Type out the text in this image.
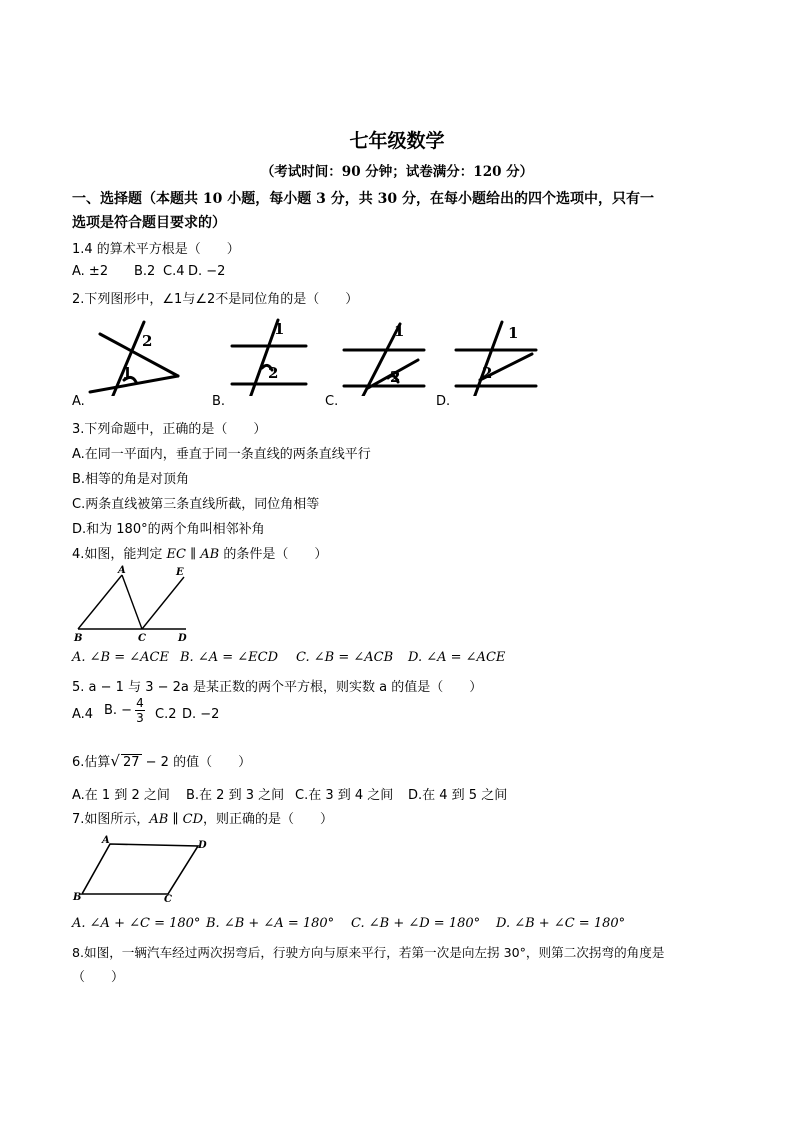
七年级数学
（考试时间：90 分钟；试卷满分：120 分）
一、选择题（本题共 10 小题，每小题 3 分，共 30 分，在每小题给出的四个选项中，只有一
选项是符合题目要求的）
1.4 的算术平方根是（　　）
A. ±2 B.2 C.4 D. −2
2.下列图形中，∠1与∠2不是同位角的是（　　）
2
1
1
2
1
2
1
2
A.	B.	C.	D.
3.下列命题中，正确的是（　　）
A.在同一平面内，垂直于同一条直线的两条直线平行
B.相等的角是对顶角
C.两条直线被第三条直线所截，同位角相等
D.和为 180°的两个角叫相邻补角
4.如图，能判定 EC ∥ AB 的条件是（　　）
A	E
B	C	D
A. ∠B = ∠ACE B. ∠A = ∠ECD C. ∠B = ∠ACB D. ∠A = ∠ACE
5. a − 1 与 3 − 2a 是某正数的两个平方根，则实数 a 的值是（　　）
A.4 B. − $\frac{4}{3} C.2$ D. −2
6.估算√ 27 − 2 的值（　　）
A.在 1 到 2 之间 B.在 2 到 3 之间 C.在 3 到 4 之间 D.在 4 到 5 之间
7.如图所示，AB ∥ CD，则正确的是（　　）
A	D
B	C
A. ∠A + ∠C = 180° B. ∠B + ∠A = 180° C. ∠B + ∠D = 180° D. ∠B + ∠C = 180°
8.如图，一辆汽车经过两次拐弯后，行驶方向与原来平行，若第一次是向左拐 30°，则第二次拐弯的角度是
（　　）
